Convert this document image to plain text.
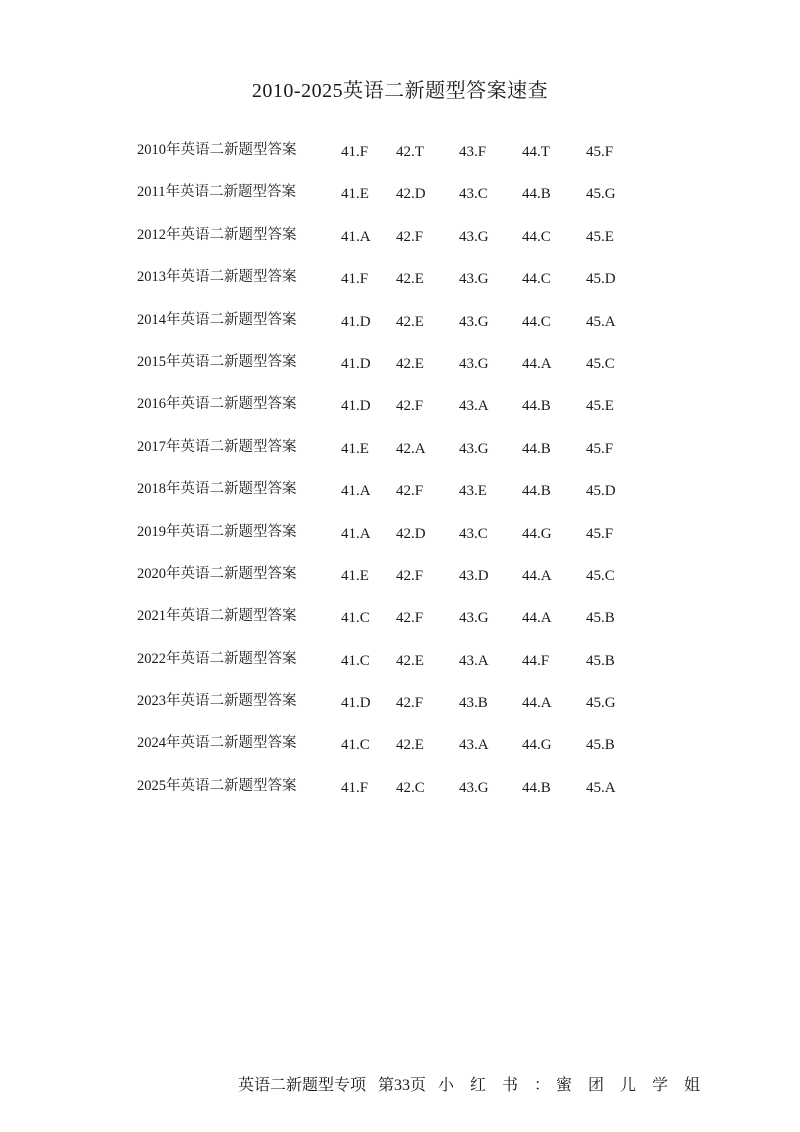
2010-2025英语二新题型答案速查
2010年英语二新题型答案	41.F 42.T 43.F 44.T 45.F
2011年英语二新题型答案	41.E 42.D 43.C 44.B 45.G
2012年英语二新题型答案	41.A 42.F 43.G 44.C 45.E
2013年英语二新题型答案	41.F 42.E 43.G 44.C 45.D
2014年英语二新题型答案	41.D 42.E 43.G 44.C 45.A
2015年英语二新题型答案	41.D 42.E 43.G 44.A 45.C
2016年英语二新题型答案	41.D 42.F 43.A 44.B 45.E
2017年英语二新题型答案	41.E 42.A 43.G 44.B 45.F
2018年英语二新题型答案	41.A 42.F 43.E 44.B 45.D
2019年英语二新题型答案	41.A 42.D 43.C 44.G 45.F
2020年英语二新题型答案	41.E 42.F 43.D 44.A 45.C
2021年英语二新题型答案	41.C 42.F 43.G 44.A 45.B
2022年英语二新题型答案	41.C 42.E 43.A 44.F 45.B
2023年英语二新题型答案	41.D 42.F 43.B 44.A 45.G
2024年英语二新题型答案	41.C 42.E 43.A 44.G 45.B
2025年英语二新题型答案	41.F 42.C 43.G 44.B 45.A
英语二新题型专项 第33页 小 红 书 ：蜜 团 儿 学 姐
